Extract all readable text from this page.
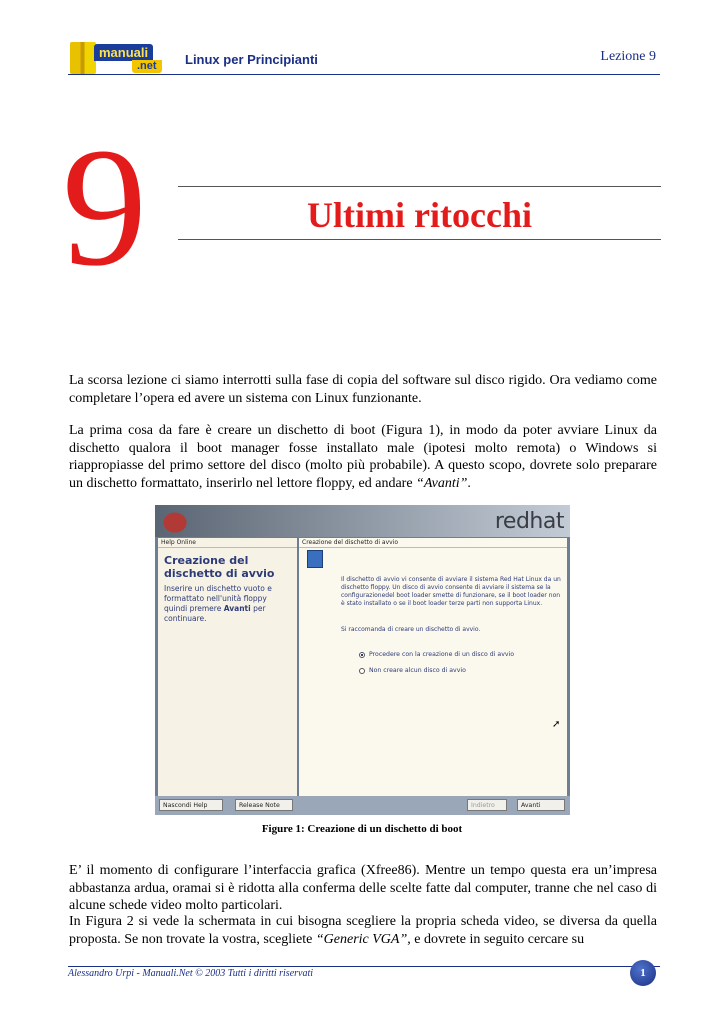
manuali
.net	Linux per Principianti	Lezione 9
9	Ultimi ritocchi

La scorsa lezione ci siamo interrotti sulla fase di copia del software sul disco rigido. Ora vediamo come completare l’opera ed avere un sistema con Linux funzionante.

La prima cosa da fare è creare un dischetto di boot (Figura 1), in modo da poter avviare Linux da dischetto qualora il boot manager fosse installato male (ipotesi molto remota) o Windows si riappropiasse del primo settore del disco (molto più probabile). A questo scopo, dovrete solo preparare un dischetto formattato, inserirlo nel lettore floppy, ed andare “Avanti”.

redhat
Help Online
Creazione del dischetto di avvio
Inserire un dischetto vuoto e formattato nell'unità floppy quindi premere Avanti per continuare.
Creazione del dischetto di avvio
Il dischetto di avvio vi consente di avviare il sistema Red Hat Linux da un dischetto floppy. Un disco di avvio consente di avviare il sistema se la configurazionedel boot loader smette di funzionare, se il boot loader non è stato installato o se il boot loader terze parti non supporta Linux.
Si raccomanda di creare un dischetto di avvio.
Procedere con la creazione di un disco di avvio
Non creare alcun disco di avvio
➚
Nascondi Help	Release Note	Indietro	Avanti
Figure 1: Creazione di un dischetto di boot

E’ il momento di configurare l’interfaccia grafica (Xfree86). Mentre un tempo questa era un’impresa abbastanza ardua, oramai si è ridotta alla conferma delle scelte fatte dal computer, tranne che nel caso di alcune schede video molto particolari.

In Figura 2 si vede la schermata in cui bisogna scegliere la propria scheda video, se diversa da quella proposta. Se non trovate la vostra, scegliete “Generic VGA”, e dovrete in seguito cercare su

Alessandro Urpi - Manuali.Net © 2003 Tutti i diritti riservati	1
